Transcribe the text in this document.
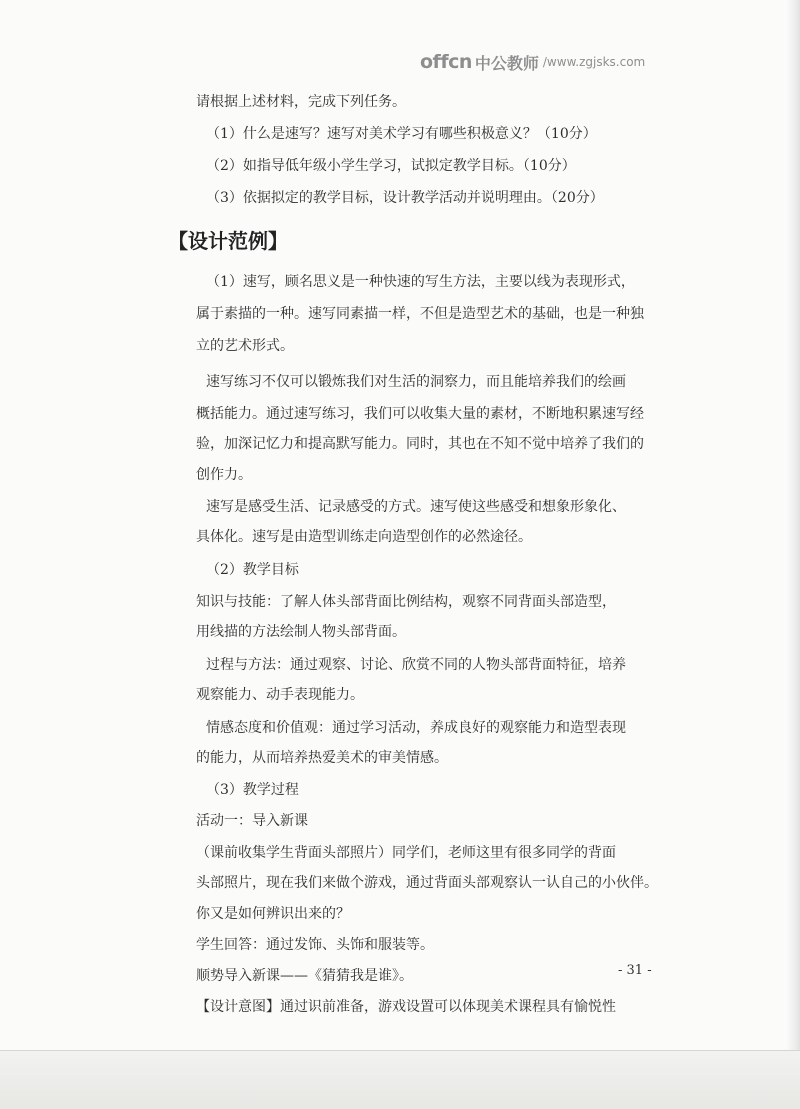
offcn 中公教师 /www.zgjsks.com
请根据上述材料，完成下列任务。
（1）什么是速写？速写对美术学习有哪些积极意义？（10分）
（2）如指导低年级小学生学习，试拟定教学目标。（10分）
（3）依据拟定的教学目标，设计教学活动并说明理由。（20分）
【设计范例】
（1）速写，顾名思义是一种快速的写生方法，主要以线为表现形式，
属于素描的一种。速写同素描一样，不但是造型艺术的基础，也是一种独
立的艺术形式。
速写练习不仅可以锻炼我们对生活的洞察力，而且能培养我们的绘画
概括能力。通过速写练习，我们可以收集大量的素材，不断地积累速写经
验，加深记忆力和提高默写能力。同时，其也在不知不觉中培养了我们的
创作力。
速写是感受生活、记录感受的方式。速写使这些感受和想象形象化、
具体化。速写是由造型训练走向造型创作的必然途径。
（2）教学目标
知识与技能：了解人体头部背面比例结构，观察不同背面头部造型，
用线描的方法绘制人物头部背面。
过程与方法：通过观察、讨论、欣赏不同的人物头部背面特征，培养
观察能力、动手表现能力。
情感态度和价值观：通过学习活动，养成良好的观察能力和造型表现
的能力，从而培养热爱美术的审美情感。
（3）教学过程
活动一：导入新课
（课前收集学生背面头部照片）同学们，老师这里有很多同学的背面
头部照片，现在我们来做个游戏，通过背面头部观察认一认自己的小伙伴。
你又是如何辨识出来的？
学生回答：通过发饰、头饰和服装等。
顺势导入新课——《猜猜我是谁》。
【设计意图】通过识前准备，游戏设置可以体现美术课程具有愉悦性
- 31 -
